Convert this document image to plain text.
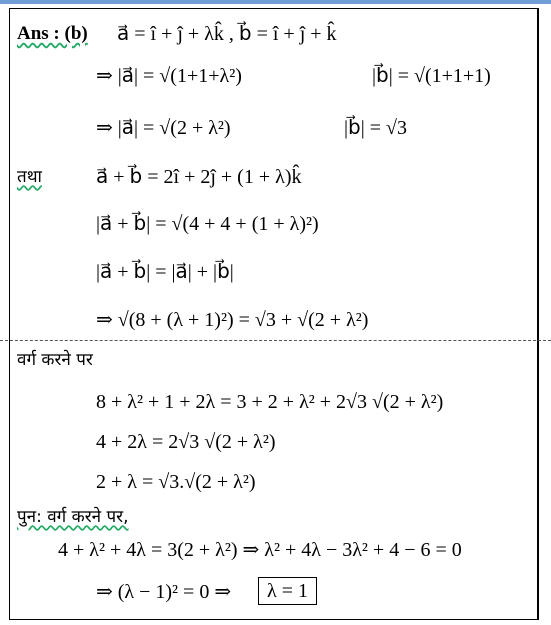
Ans : (b) a⃗ = î + ĵ + λk̂ , b⃗ = î + ĵ + k̂
⇒ |a⃗| = √(1+1+λ²)	|b⃗| = √(1+1+1)
⇒ |a⃗| = √(2 + λ²)	|b⃗| = √3
तथा	a⃗ + b⃗ = 2î + 2ĵ + (1 + λ)k̂
|a⃗ + b⃗| = √(4 + 4 + (1 + λ)²)
|a⃗ + b⃗| = |a⃗| + |b⃗|
⇒ √(8 + (λ + 1)²) = √3 + √(2 + λ²)
वर्ग करने पर
8 + λ² + 1 + 2λ = 3 + 2 + λ² + 2√3 √(2 + λ²)
4 + 2λ = 2√3 √(2 + λ²)
2 + λ = √3.√(2 + λ²)
पुन: वर्ग करने पर,
4 + λ² + 4λ = 3(2 + λ²) ⇒ λ² + 4λ − 3λ² + 4 − 6 = 0
⇒ (λ − 1)² = 0 ⇒	λ = 1
